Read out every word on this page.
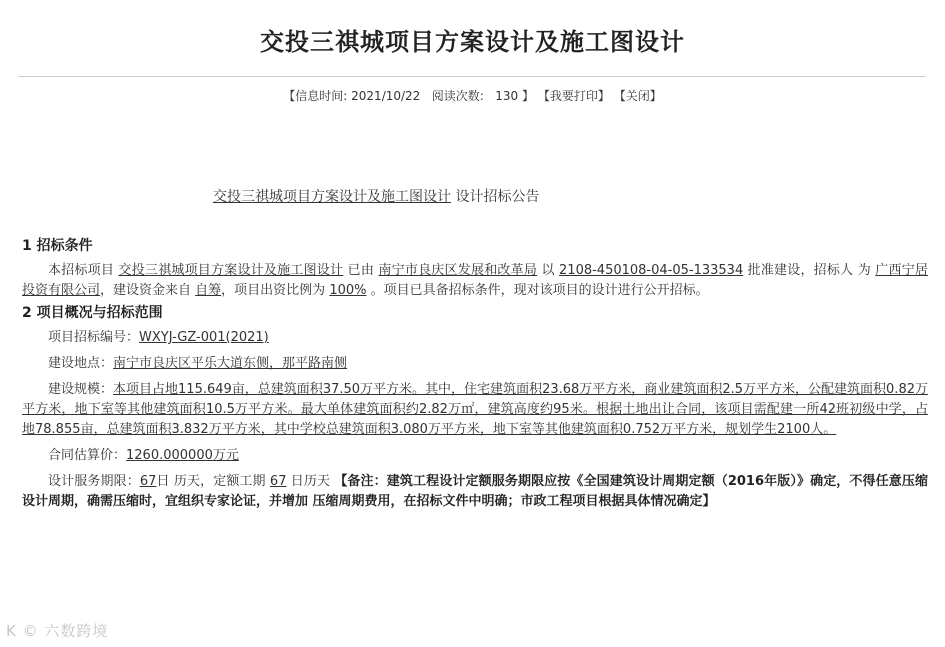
交投三祺城项目方案设计及施工图设计
【信息时间: 2021/10/22 阅读次数: 130 】 【我要打印】 【关闭】
交投三祺城项目方案设计及施工图设计 设计招标公告
1 招标条件

本招标项目 交投三祺城项目方案设计及施工图设计 已由 南宁市良庆区发展和改革局 以 2108-450108-04-05-133534 批准建设，招标人 为 广西宁居投资有限公司，建设资金来自 自筹，项目出资比例为 100% 。项目已具备招标条件，现对该项目的设计进行公开招标。

2 项目概况与招标范围

项目招标编号：WXYJ-GZ-001(2021)

建设地点：南宁市良庆区平乐大道东侧，那平路南侧

建设规模：本项目占地115.649亩，总建筑面积37.50万平方米。其中，住宅建筑面积23.68万平方米，商业建筑面积2.5万平方米，公配建筑面积0.82万平方米，地下室等其他建筑面积10.5万平方米。最大单体建筑面积约2.82万㎡，建筑高度约95米。根据土地出让合同，该项目需配建一所42班初级中学，占地78.855亩，总建筑面积3.832万平方米，其中学校总建筑面积3.080万平方米，地下室等其他建筑面积0.752万平方米，规划学生2100人。

合同估算价：1260.000000万元

设计服务期限：67日 历天，定额工期 67 日历天 【备注：建筑工程设计定额服务期限应按《全国建筑设计周期定额（2016年版）》确定，不得任意压缩设计周期，确需压缩时，宜组织专家论证，并增加 压缩周期费用，在招标文件中明确；市政工程项目根据具体情况确定】

K © 六数跨境
